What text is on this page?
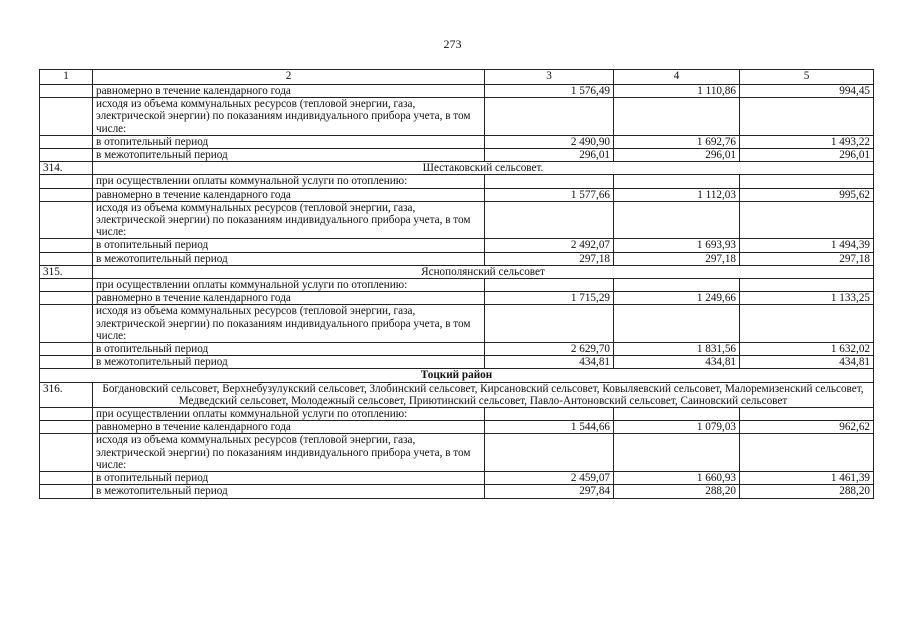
273
1	2	3	4	5
	равномерно в течение календарного года	1 576,49	1 110,86	994,45
	исходя из объема коммунальных ресурсов (тепловой энергии, газа, электрической энергии) по показаниям индивидуального прибора учета, в том числе:			
	в отопительный период	2 490,90	1 692,76	1 493,22
	в межотопительный период	296,01	296,01	296,01
314.	Шестаковский сельсовет.			
	при осуществлении оплаты коммунальной услуги по отоплению:			
	равномерно в течение календарного года	1 577,66	1 112,03	995,62
	исходя из объема коммунальных ресурсов (тепловой энергии, газа, электрической энергии) по показаниям индивидуального прибора учета, в том числе:			
	в отопительный период	2 492,07	1 693,93	1 494,39
	в межотопительный период	297,18	297,18	297,18
315.	Яснополянский сельсовет			
	при осуществлении оплаты коммунальной услуги по отоплению:			
	равномерно в течение календарного года	1 715,29	1 249,66	1 133,25
	исходя из объема коммунальных ресурсов (тепловой энергии, газа, электрической энергии) по показаниям индивидуального прибора учета, в том числе:			
	в отопительный период	2 629,70	1 831,56	1 632,02
	в межотопительный период	434,81	434,81	434,81
Тоцкий район				
316.	Богдановский сельсовет, Верхнебузулукский сельсовет, Злобинский сельсовет, Кирсановский сельсовет, Ковыляевский сельсовет, Малоремизенский сельсовет, Медведский сельсовет, Молодежный сельсовет, Приютинский сельсовет, Павло-Антоновский сельсовет, Саиновский сельсовет			
	при осуществлении оплаты коммунальной услуги по отоплению:			
	равномерно в течение календарного года	1 544,66	1 079,03	962,62
	исходя из объема коммунальных ресурсов (тепловой энергии, газа, электрической энергии) по показаниям индивидуального прибора учета, в том числе:			
	в отопительный период	2 459,07	1 660,93	1 461,39
	в межотопительный период	297,84	288,20	288,20
